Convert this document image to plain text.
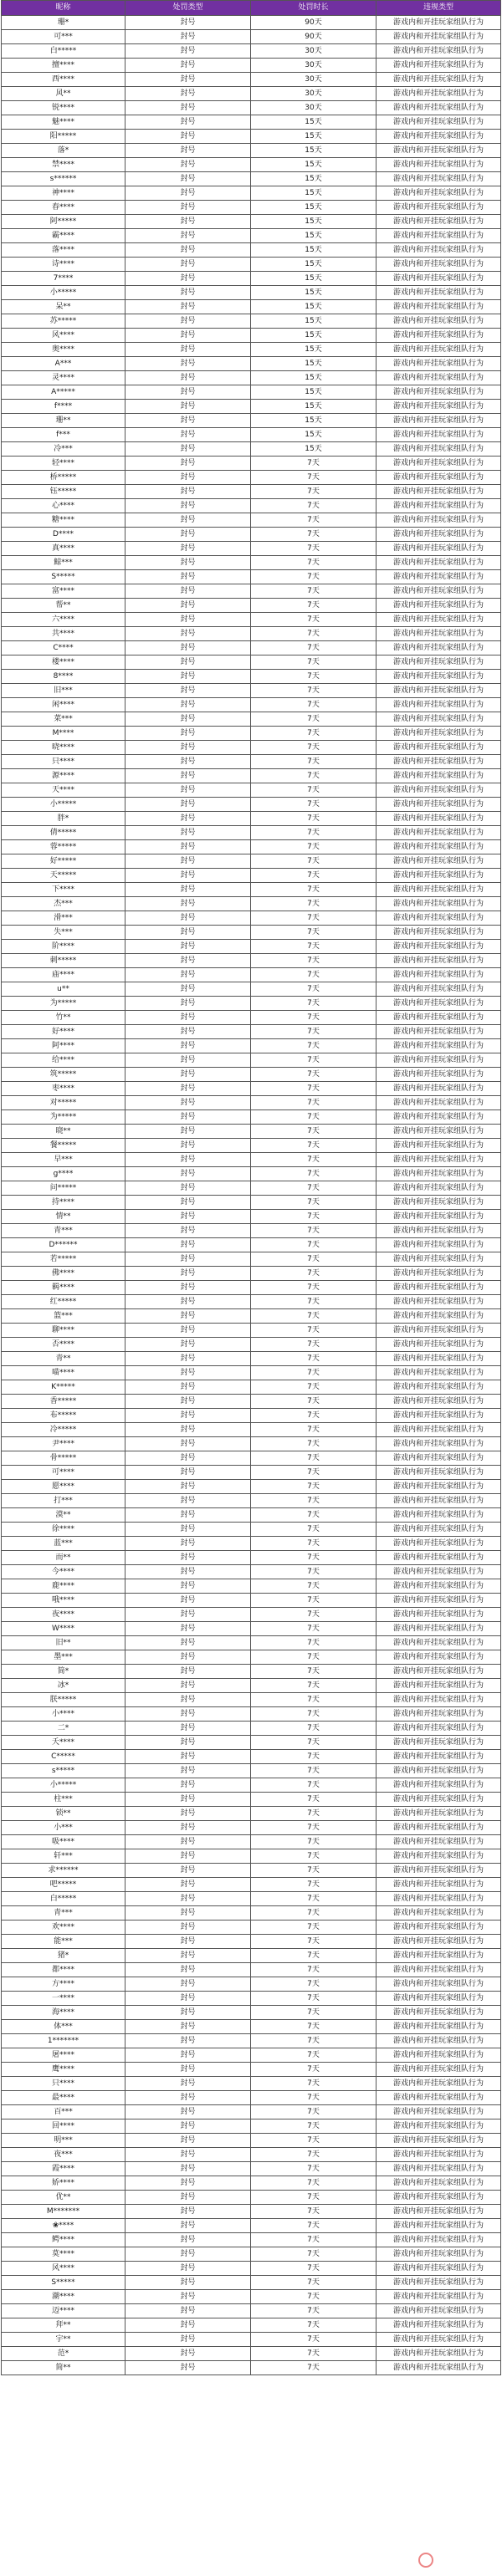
昵称	处罚类型	处罚时长	违规类型
珊*	封号	90天	游戏内和开挂玩家组队行为
可***	封号	90天	游戏内和开挂玩家组队行为
白*****	封号	30天	游戏内和开挂玩家组队行为
擅****	封号	30天	游戏内和开挂玩家组队行为
西****	封号	30天	游戏内和开挂玩家组队行为
风**	封号	30天	游戏内和开挂玩家组队行为
锐****	封号	30天	游戏内和开挂玩家组队行为
魅****	封号	15天	游戏内和开挂玩家组队行为
阳*****	封号	15天	游戏内和开挂玩家组队行为
落*	封号	15天	游戏内和开挂玩家组队行为
禁****	封号	15天	游戏内和开挂玩家组队行为
s******	封号	15天	游戏内和开挂玩家组队行为
神****	封号	15天	游戏内和开挂玩家组队行为
春****	封号	15天	游戏内和开挂玩家组队行为
阿*****	封号	15天	游戏内和开挂玩家组队行为
霸****	封号	15天	游戏内和开挂玩家组队行为
落****	封号	15天	游戏内和开挂玩家组队行为
诗****	封号	15天	游戏内和开挂玩家组队行为
7****	封号	15天	游戏内和开挂玩家组队行为
小*****	封号	15天	游戏内和开挂玩家组队行为
呆**	封号	15天	游戏内和开挂玩家组队行为
苏*****	封号	15天	游戏内和开挂玩家组队行为
风****	封号	15天	游戏内和开挂玩家组队行为
奥****	封号	15天	游戏内和开挂玩家组队行为
A***	封号	15天	游戏内和开挂玩家组队行为
灵****	封号	15天	游戏内和开挂玩家组队行为
A*****	封号	15天	游戏内和开挂玩家组队行为
f****	封号	15天	游戏内和开挂玩家组队行为
珊**	封号	15天	游戏内和开挂玩家组队行为
f***	封号	15天	游戏内和开挂玩家组队行为
冷***	封号	15天	游戏内和开挂玩家组队行为
轻****	封号	7天	游戏内和开挂玩家组队行为
桥*****	封号	7天	游戏内和开挂玩家组队行为
钰*****	封号	7天	游戏内和开挂玩家组队行为
心****	封号	7天	游戏内和开挂玩家组队行为
糖****	封号	7天	游戏内和开挂玩家组队行为
D****	封号	7天	游戏内和开挂玩家组队行为
真****	封号	7天	游戏内和开挂玩家组队行为
鲸***	封号	7天	游戏内和开挂玩家组队行为
S*****	封号	7天	游戏内和开挂玩家组队行为
富****	封号	7天	游戏内和开挂玩家组队行为
帮**	封号	7天	游戏内和开挂玩家组队行为
六****	封号	7天	游戏内和开挂玩家组队行为
共****	封号	7天	游戏内和开挂玩家组队行为
C****	封号	7天	游戏内和开挂玩家组队行为
楼****	封号	7天	游戏内和开挂玩家组队行为
8****	封号	7天	游戏内和开挂玩家组队行为
旧***	封号	7天	游戏内和开挂玩家组队行为
闲****	封号	7天	游戏内和开挂玩家组队行为
菜***	封号	7天	游戏内和开挂玩家组队行为
M****	封号	7天	游戏内和开挂玩家组队行为
晓****	封号	7天	游戏内和开挂玩家组队行为
只****	封号	7天	游戏内和开挂玩家组队行为
源****	封号	7天	游戏内和开挂玩家组队行为
天****	封号	7天	游戏内和开挂玩家组队行为
小*****	封号	7天	游戏内和开挂玩家组队行为
胖*	封号	7天	游戏内和开挂玩家组队行为
倩*****	封号	7天	游戏内和开挂玩家组队行为
蓉*****	封号	7天	游戏内和开挂玩家组队行为
好*****	封号	7天	游戏内和开挂玩家组队行为
天*****	封号	7天	游戏内和开挂玩家组队行为
下****	封号	7天	游戏内和开挂玩家组队行为
杰***	封号	7天	游戏内和开挂玩家组队行为
滑***	封号	7天	游戏内和开挂玩家组队行为
失***	封号	7天	游戏内和开挂玩家组队行为
阶****	封号	7天	游戏内和开挂玩家组队行为
刺*****	封号	7天	游戏内和开挂玩家组队行为
庙****	封号	7天	游戏内和开挂玩家组队行为
u**	封号	7天	游戏内和开挂玩家组队行为
为*****	封号	7天	游戏内和开挂玩家组队行为
竹**	封号	7天	游戏内和开挂玩家组队行为
好****	封号	7天	游戏内和开挂玩家组队行为
阿****	封号	7天	游戏内和开挂玩家组队行为
给****	封号	7天	游戏内和开挂玩家组队行为
筑*****	封号	7天	游戏内和开挂玩家组队行为
枣****	封号	7天	游戏内和开挂玩家组队行为
对*****	封号	7天	游戏内和开挂玩家组队行为
为*****	封号	7天	游戏内和开挂玩家组队行为
晓**	封号	7天	游戏内和开挂玩家组队行为
餐*****	封号	7天	游戏内和开挂玩家组队行为
早***	封号	7天	游戏内和开挂玩家组队行为
g****	封号	7天	游戏内和开挂玩家组队行为
问*****	封号	7天	游戏内和开挂玩家组队行为
持****	封号	7天	游戏内和开挂玩家组队行为
情**	封号	7天	游戏内和开挂玩家组队行为
青***	封号	7天	游戏内和开挂玩家组队行为
D******	封号	7天	游戏内和开挂玩家组队行为
若*****	封号	7天	游戏内和开挂玩家组队行为
佛****	封号	7天	游戏内和开挂玩家组队行为
羁****	封号	7天	游戏内和开挂玩家组队行为
红*****	封号	7天	游戏内和开挂玩家组队行为
篮***	封号	7天	游戏内和开挂玩家组队行为
聊****	封号	7天	游戏内和开挂玩家组队行为
否****	封号	7天	游戏内和开挂玩家组队行为
青**	封号	7天	游戏内和开挂玩家组队行为
喵****	封号	7天	游戏内和开挂玩家组队行为
K*****	封号	7天	游戏内和开挂玩家组队行为
香*****	封号	7天	游戏内和开挂玩家组队行为
布*****	封号	7天	游戏内和开挂玩家组队行为
冷*****	封号	7天	游戏内和开挂玩家组队行为
尹****	封号	7天	游戏内和开挂玩家组队行为
骨*****	封号	7天	游戏内和开挂玩家组队行为
可****	封号	7天	游戏内和开挂玩家组队行为
愿****	封号	7天	游戏内和开挂玩家组队行为
打***	封号	7天	游戏内和开挂玩家组队行为
漠**	封号	7天	游戏内和开挂玩家组队行为
徐****	封号	7天	游戏内和开挂玩家组队行为
蓝***	封号	7天	游戏内和开挂玩家组队行为
而**	封号	7天	游戏内和开挂玩家组队行为
今****	封号	7天	游戏内和开挂玩家组队行为
鹿****	封号	7天	游戏内和开挂玩家组队行为
哦****	封号	7天	游戏内和开挂玩家组队行为
夜****	封号	7天	游戏内和开挂玩家组队行为
W****	封号	7天	游戏内和开挂玩家组队行为
旧**	封号	7天	游戏内和开挂玩家组队行为
墨***	封号	7天	游戏内和开挂玩家组队行为
简*	封号	7天	游戏内和开挂玩家组队行为
冰*	封号	7天	游戏内和开挂玩家组队行为
朕*****	封号	7天	游戏内和开挂玩家组队行为
小****	封号	7天	游戏内和开挂玩家组队行为
二*	封号	7天	游戏内和开挂玩家组队行为
夭****	封号	7天	游戏内和开挂玩家组队行为
C*****	封号	7天	游戏内和开挂玩家组队行为
s*****	封号	7天	游戏内和开挂玩家组队行为
小*****	封号	7天	游戏内和开挂玩家组队行为
柱***	封号	7天	游戏内和开挂玩家组队行为
锁**	封号	7天	游戏内和开挂玩家组队行为
小***	封号	7天	游戏内和开挂玩家组队行为
吸****	封号	7天	游戏内和开挂玩家组队行为
轩***	封号	7天	游戏内和开挂玩家组队行为
求******	封号	7天	游戏内和开挂玩家组队行为
吧*****	封号	7天	游戏内和开挂玩家组队行为
白*****	封号	7天	游戏内和开挂玩家组队行为
青***	封号	7天	游戏内和开挂玩家组队行为
欢****	封号	7天	游戏内和开挂玩家组队行为
能***	封号	7天	游戏内和开挂玩家组队行为
猪*	封号	7天	游戏内和开挂玩家组队行为
都****	封号	7天	游戏内和开挂玩家组队行为
方****	封号	7天	游戏内和开挂玩家组队行为
一****	封号	7天	游戏内和开挂玩家组队行为
海****	封号	7天	游戏内和开挂玩家组队行为
体***	封号	7天	游戏内和开挂玩家组队行为
1*******	封号	7天	游戏内和开挂玩家组队行为
屠****	封号	7天	游戏内和开挂玩家组队行为
鹰****	封号	7天	游戏内和开挂玩家组队行为
只****	封号	7天	游戏内和开挂玩家组队行为
最****	封号	7天	游戏内和开挂玩家组队行为
百***	封号	7天	游戏内和开挂玩家组队行为
回****	封号	7天	游戏内和开挂玩家组队行为
明***	封号	7天	游戏内和开挂玩家组队行为
夜***	封号	7天	游戏内和开挂玩家组队行为
霞****	封号	7天	游戏内和开挂玩家组队行为
娇****	封号	7天	游戏内和开挂玩家组队行为
优**	封号	7天	游戏内和开挂玩家组队行为
M*******	封号	7天	游戏内和开挂玩家组队行为
❀****	封号	7天	游戏内和开挂玩家组队行为
鳄****	封号	7天	游戏内和开挂玩家组队行为
莫****	封号	7天	游戏内和开挂玩家组队行为
风****	封号	7天	游戏内和开挂玩家组队行为
S*****	封号	7天	游戏内和开挂玩家组队行为
潮****	封号	7天	游戏内和开挂玩家组队行为
迈****	封号	7天	游戏内和开挂玩家组队行为
拜**	封号	7天	游戏内和开挂玩家组队行为
宇**	封号	7天	游戏内和开挂玩家组队行为
范*	封号	7天	游戏内和开挂玩家组队行为
简**	封号	7天	游戏内和开挂玩家组队行为
